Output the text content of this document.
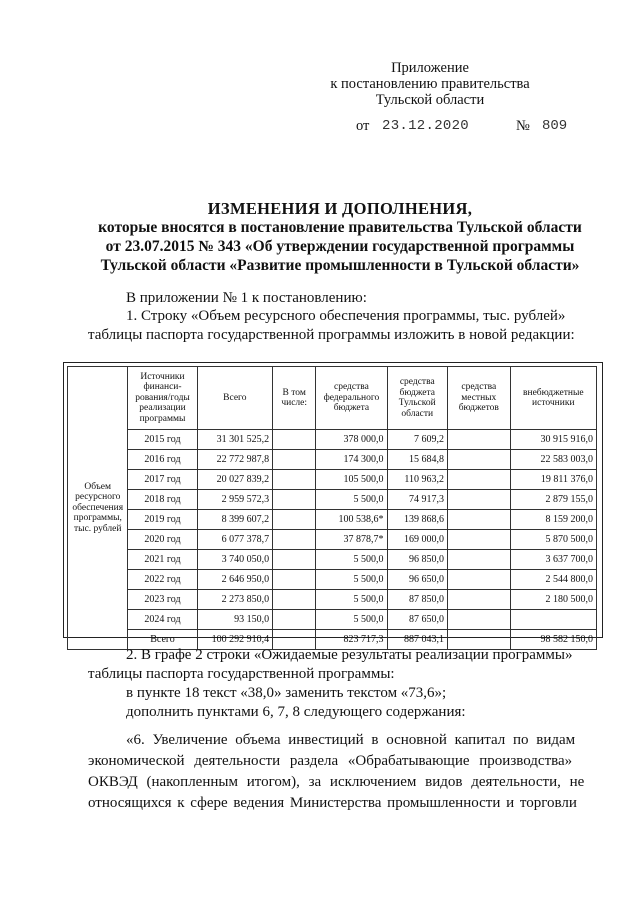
Приложение
к постановлению правительства
Тульской области
от 23.12.2020	№ 809
ИЗМЕНЕНИЯ И ДОПОЛНЕНИЯ,
которые вносятся в постановление правительства Тульской области
от 23.07.2015 № 343 «Об утверждении государственной программы
Тульской области «Развитие промышленности в Тульской области»
В приложении № 1 к постановлению:
1. Строку «Объем ресурсного обеспечения программы, тыс. рублей»
таблицы паспорта государственной программы изложить в новой редакции:
Объем ресурсного обеспечения программы, тыс. рублей	Источники финанси-рования/годы реализации программы	Всего	В том числе:	средства федерального бюджета	средства бюджета Тульской области	средства местных бюджетов	внебюджетные источники
	2015 год	31 301 525,2		378 000,0	7 609,2		30 915 916,0
	2016 год	22 772 987,8		174 300,0	15 684,8		22 583 003,0
	2017 год	20 027 839,2		105 500,0	110 963,2		19 811 376,0
	2018 год	2 959 572,3		5 500,0	74 917,3		2 879 155,0
	2019 год	8 399 607,2		100 538,6*	139 868,6		8 159 200,0
	2020 год	6 077 378,7		37 878,7*	169 000,0		5 870 500,0
	2021 год	3 740 050,0		5 500,0	96 850,0		3 637 700,0
	2022 год	2 646 950,0		5 500,0	96 650,0		2 544 800,0
	2023 год	2 273 850,0		5 500,0	87 850,0		2 180 500,0
	2024 год	93 150,0		5 500,0	87 650,0		
	Всего	100 292 910,4		823 717,3	887 043,1		98 582 150,0
2. В графе 2 строки «Ожидаемые результаты реализации программы»
таблицы паспорта государственной программы:
в пункте 18 текст «38,0» заменить текстом «73,6»;
дополнить пунктами 6, 7, 8 следующего содержания:
«6. Увеличение объема инвестиций в основной капитал по видам
экономической деятельности раздела «Обрабатывающие производства»
ОКВЭД (накопленным итогом), за исключением видов деятельности, не
относящихся к сфере ведения Министерства промышленности и торговли
